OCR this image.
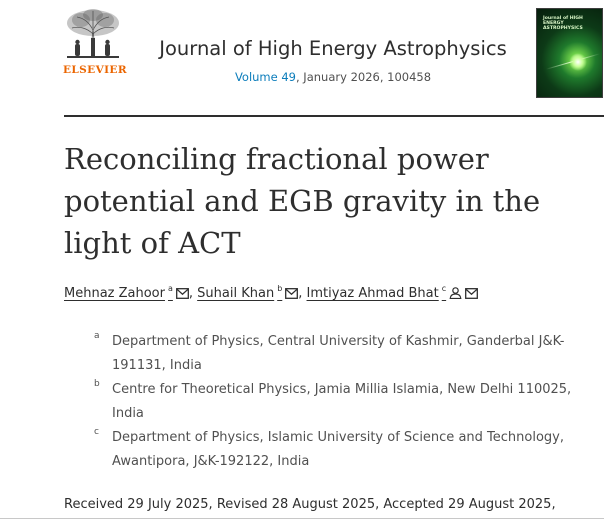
ELSEVIER
Journal of High Energy Astrophysics
Volume 49, January 2026, 100458
Journal of HIGH ENERGY ASTROPHYSICS
Reconciling fractional power potential and EGB gravity in the light of ACT
Mehnaz Zahoor $^a$ , Suhail Khan $^b$ , Imtiyaz Ahmad Bhat $^c$
a Department of Physics, Central University of Kashmir, Ganderbal J&K-191131, India
b Centre for Theoretical Physics, Jamia Millia Islamia, New Delhi 110025, India
c Department of Physics, Islamic University of Science and Technology, Awantipora, J&K-192122, India
Received 29 July 2025, Revised 28 August 2025, Accepted 29 August 2025,
